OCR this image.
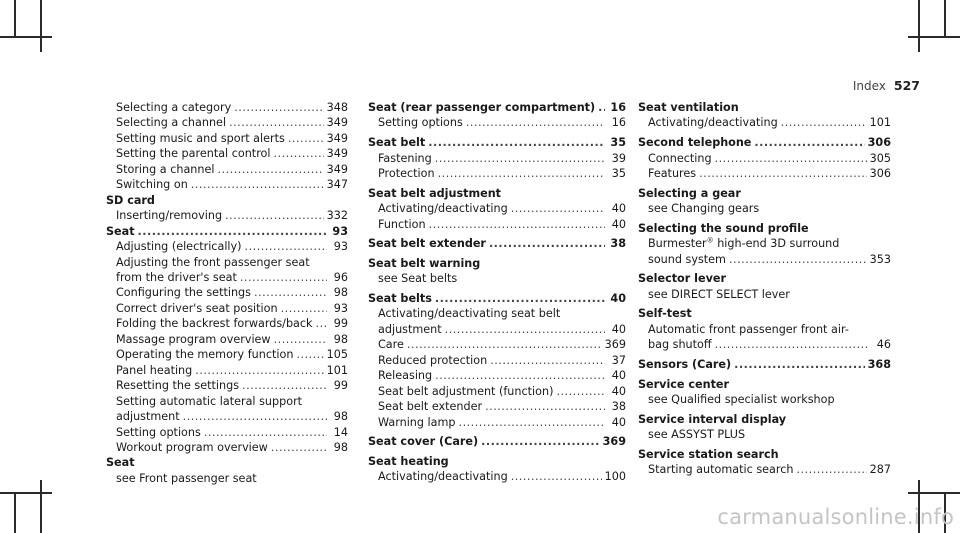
Index 527
Selecting a category .....	348
Selecting a channel .....	349
Setting music and sport alerts .....	349
Setting the parental control .....	349
Storing a channel .....	349
Switching on .....	347
SD card
Inserting/removing .....	332
Seat .....	93
Adjusting (electrically) .....	93
Adjusting the front passenger seat
from the driver's seat .....	96
Configuring the settings .....	98
Correct driver's seat position .....	93
Folding the backrest forwards/back .....	99
Massage program overview .....	98
Operating the memory function .....	105
Panel heating .....	101
Resetting the settings .....	99
Setting automatic lateral support
adjustment .....	98
Setting options .....	14
Workout program overview .....	98
Seat
see Front passenger seat
Seat (rear passenger compartment) ..... 16
Setting options .....	16
Seat belt .....	35
Fastening .....	39
Protection .....	35
Seat belt adjustment
Activating/deactivating .....	40
Function .....	40
Seat belt extender .....	38
Seat belt warning
see Seat belts
Seat belts .....	40
Activating/deactivating seat belt
adjustment .....	40
Care .....	369
Reduced protection .....	37
Releasing .....	40
Seat belt adjustment (function) .....	40
Seat belt extender .....	38
Warning lamp .....	40
Seat cover (Care) .....	369
Seat heating
Activating/deactivating .....	100
Seat ventilation
Activating/deactivating .....	101
Second telephone .....	306
Connecting .....	305
Features .....	306
Selecting a gear
see Changing gears
Selecting the sound profile
Burmester® high-end 3D surround
sound system .....	353
Selector lever
see DIRECT SELECT lever
Self-test
Automatic front passenger front air-
bag shutoff .....	46
Sensors (Care) .....	368
Service center
see Qualified specialist workshop
Service interval display
see ASSYST PLUS
Service station search
Starting automatic search .....	287
carmanualsonline.info
